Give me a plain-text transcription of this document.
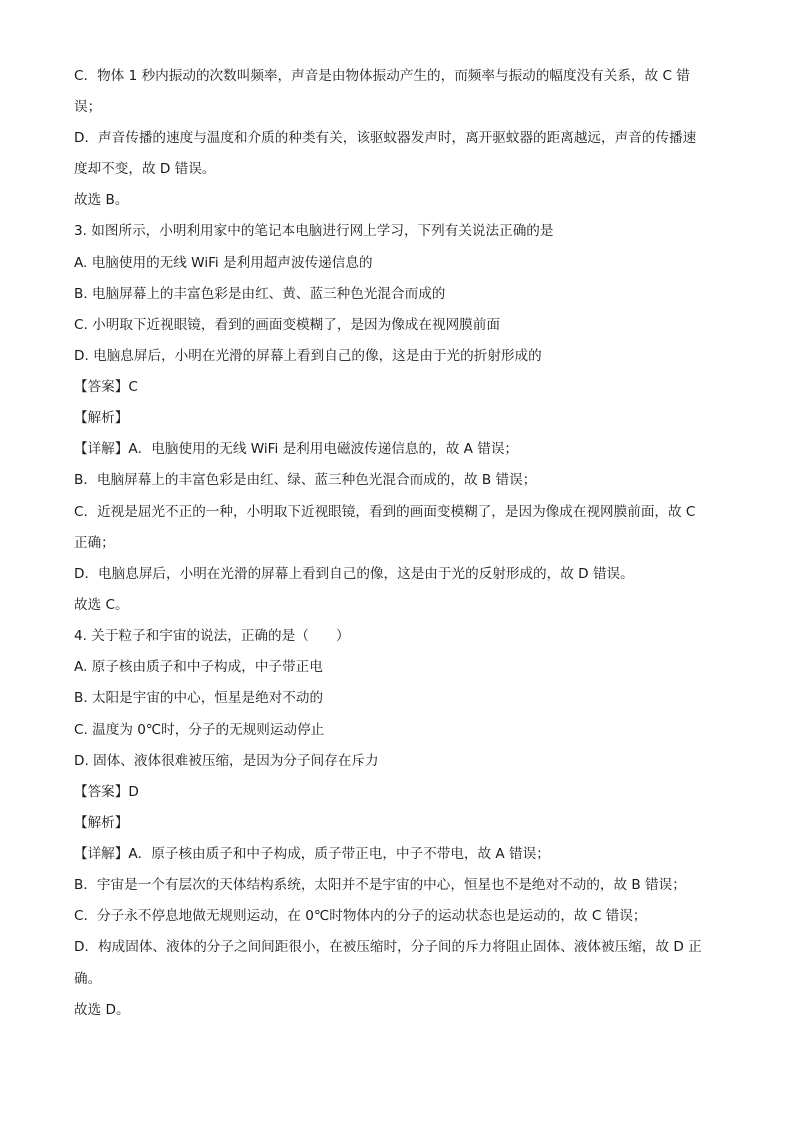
C．物体 1 秒内振动的次数叫频率，声音是由物体振动产生的，而频率与振动的幅度没有关系，故 C 错
误；
D．声音传播的速度与温度和介质的种类有关，该驱蚊器发声时，离开驱蚊器的距离越远，声音的传播速
度却不变，故 D 错误。
故选 B。
3. 如图所示，小明利用家中的笔记本电脑进行网上学习，下列有关说法正确的是
A. 电脑使用的无线 WiFi 是利用超声波传递信息的
B. 电脑屏幕上的丰富色彩是由红、黄、蓝三种色光混合而成的
C. 小明取下近视眼镜，看到的画面变模糊了，是因为像成在视网膜前面
D. 电脑息屏后，小明在光滑的屏幕上看到自己的像，这是由于光的折射形成的
【答案】C
【解析】
【详解】A．电脑使用的无线 WiFi 是利用电磁波传递信息的，故 A 错误；
B．电脑屏幕上的丰富色彩是由红、绿、蓝三种色光混合而成的，故 B 错误；
C．近视是屈光不正的一种，小明取下近视眼镜，看到的画面变模糊了，是因为像成在视网膜前面，故 C
正确；
D．电脑息屏后，小明在光滑的屏幕上看到自己的像，这是由于光的反射形成的，故 D 错误。
故选 C。
4. 关于粒子和宇宙的说法，正确的是（　　）
A. 原子核由质子和中子构成，中子带正电
B. 太阳是宇宙的中心，恒星是绝对不动的
C. 温度为 0℃时，分子的无规则运动停止
D. 固体、液体很难被压缩，是因为分子间存在斥力
【答案】D
【解析】
【详解】A．原子核由质子和中子构成，质子带正电，中子不带电，故 A 错误；
B．宇宙是一个有层次的天体结构系统，太阳并不是宇宙的中心，恒星也不是绝对不动的，故 B 错误；
C．分子永不停息地做无规则运动，在 0℃时物体内的分子的运动状态也是运动的，故 C 错误；
D．构成固体、液体的分子之间间距很小，在被压缩时，分子间的斥力将阻止固体、液体被压缩，故 D 正
确。
故选 D。
